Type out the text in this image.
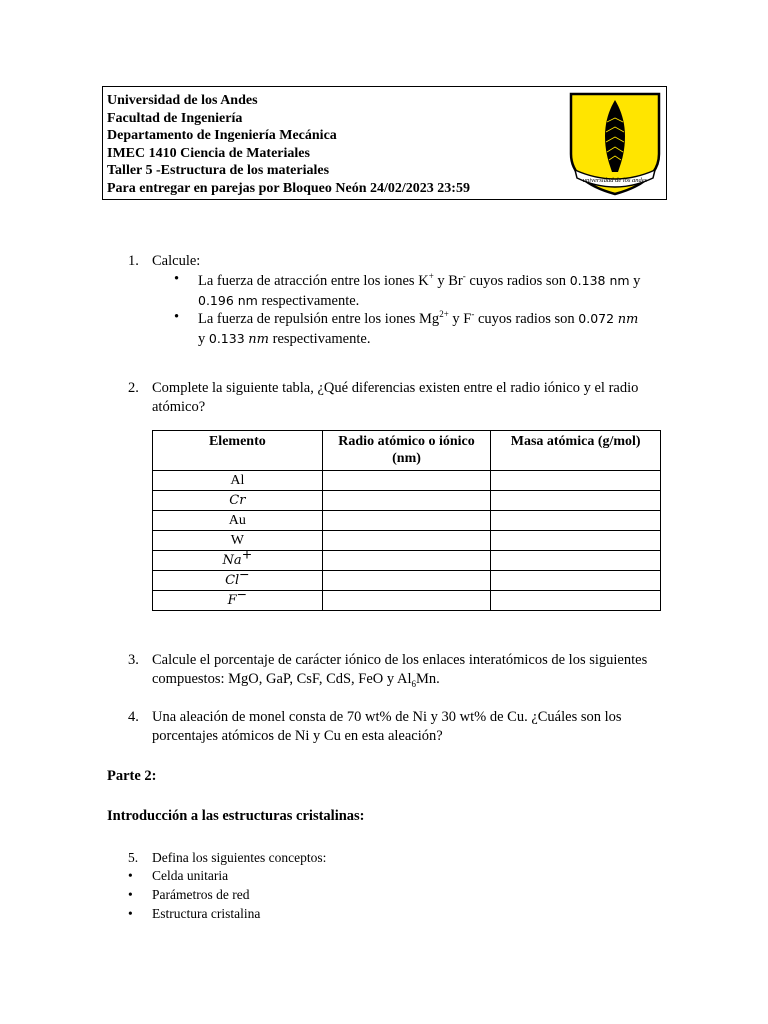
Universidad de los Andes
Facultad de Ingeniería
Departamento de Ingeniería Mecánica
IMEC 1410 Ciencia de Materiales
Taller 5 -Estructura de los materiales
Para entregar en parejas por Bloqueo Neón 24/02/2023 23:59	universidad de los andes
1. Calcule:
• La fuerza de atracción entre los iones K+ y Br- cuyos radios son 0.138 nm y
0.196 nm respectivamente.
• La fuerza de repulsión entre los iones $Mg^{2+}$ y F- cuyos radios son 0.072 nm
y 0.133 nm respectivamente.
2. Complete la siguiente tabla, ¿Qué diferencias existen entre el radio iónico y el radio
atómico?
Elemento	Radio atómico o iónico (nm)	Masa atómica (g/mol)
Al		
Cr		
Au		
W		
Na+		
Cl−		
F−		
3. Calcule el porcentaje de carácter iónico de los enlaces interatómicos de los siguientes
compuestos: MgO, GaP, CsF, CdS, FeO y $Al_6Mn$.
4. Una aleación de monel consta de 70 wt% de Ni y 30 wt% de Cu. ¿Cuáles son los
porcentajes atómicos de Ni y Cu en esta aleación?
Parte 2:
Introducción a las estructuras cristalinas:
5. Defina los siguientes conceptos:
• Celda unitaria
• Parámetros de red
• Estructura cristalina
